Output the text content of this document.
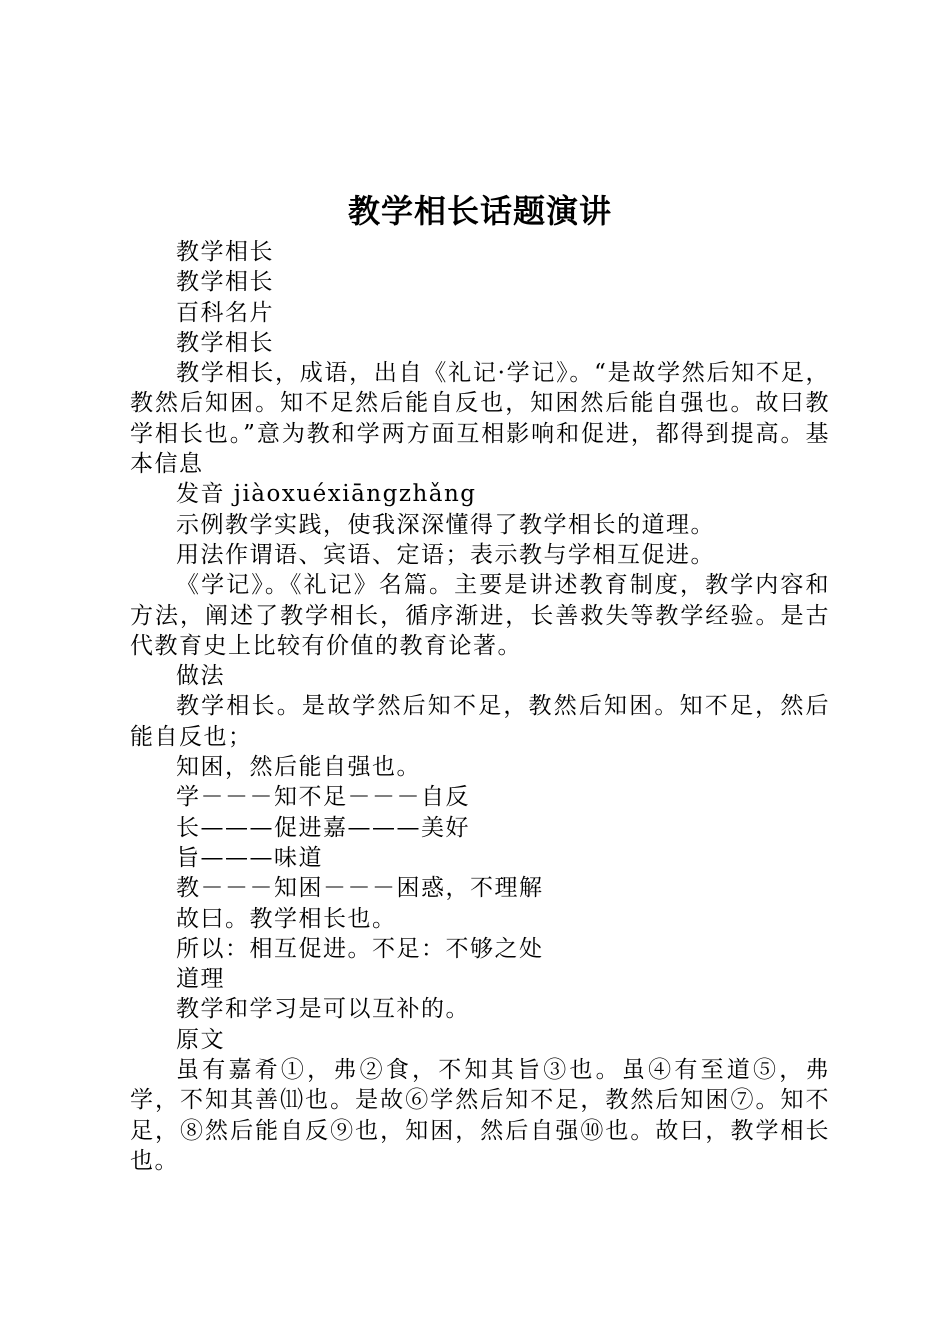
教学相长话题演讲

教学相长

教学相长

百科名片

教学相长

教学相长，成语，出自《礼记·学记》。“是故学然后知不足，教然后知困。知不足然后能自反也，知困然后能自强也。故曰教学相长也。”意为教和学两方面互相影响和促进，都得到提高。基本信息

发音 jiàoxuéxiāngzhǎng

示例教学实践，使我深深懂得了教学相长的道理。

用法作谓语、宾语、定语；表示教与学相互促进。

《学记》。《礼记》名篇。主要是讲述教育制度，教学内容和方法，阐述了教学相长，循序渐进，长善救失等教学经验。是古代教育史上比较有价值的教育论著。

做法

教学相长。是故学然后知不足，教然后知困。知不足，然后能自反也；

知困，然后能自强也。

学－－－知不足－－－自反

长———促进嘉———美好

旨———味道

教－－－知困－－－困惑，不理解

故曰。教学相长也。

所以：相互促进。不足：不够之处

道理

教学和学习是可以互补的。

原文

虽有嘉肴①，弗②食，不知其旨③也。虽④有至道⑤，弗学，不知其善⑾也。是故⑥学然后知不足，教然后知困⑦。知不足，⑧然后能自反⑨也，知困，然后自强⑩也。故曰，教学相长也。
